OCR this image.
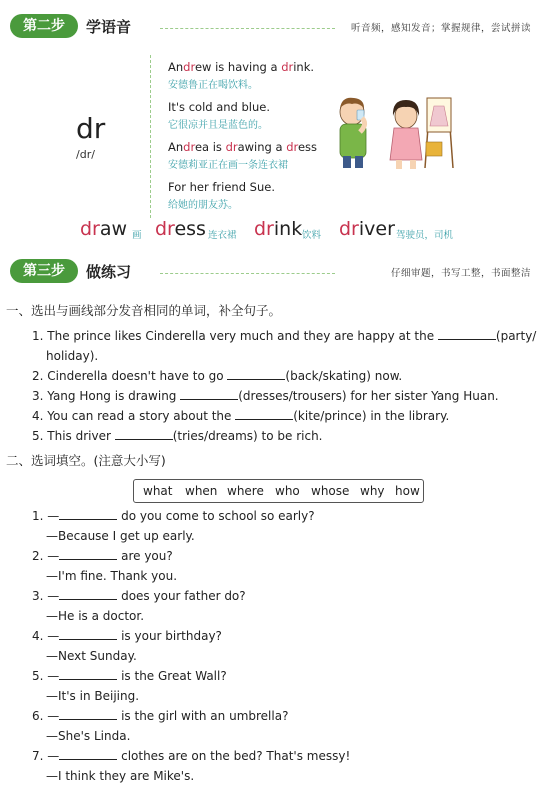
第二步	学语音	听音频，感知发音；掌握规律，尝试拼读
dr
/dr/
Andrew is having a drink.
安德鲁正在喝饮料。
It's cold and blue.
它很凉并且是蓝色的。
Andrea is drawing a dress
安德莉亚正在画一条连衣裙
For her friend Sue.
给她的朋友苏。
draw 画 dress 连衣裙 drink 饮料 driver 驾驶员，司机
第三步	做练习	仔细审题，书写工整，书面整洁
一、选出与画线部分发音相同的单词，补全句子。
1. The prince likes Cinderella very much and they are happy at the	(party/
holiday).
2. Cinderella doesn't have to go	(back/skating) now.
3. Yang Hong is drawing	(dresses/trousers) for her sister Yang Huan.
4. You can read a story about the	(kite/prince) in the library.
5. This driver	(tries/dreams) to be rich.
二、选词填空。(注意大小写)
what when where who whose why how
1. —	do you come to school so early?
—Because I get up early.
2. —	are you?
—I'm fine. Thank you.
3. —	does your father do?
—He is a doctor.
4. —	is your birthday?
—Next Sunday.
5. —	is the Great Wall?
—It's in Beijing.
6. —	is the girl with an umbrella?
—She's Linda.
7. —	clothes are on the bed? That's messy!
—I think they are Mike's.
